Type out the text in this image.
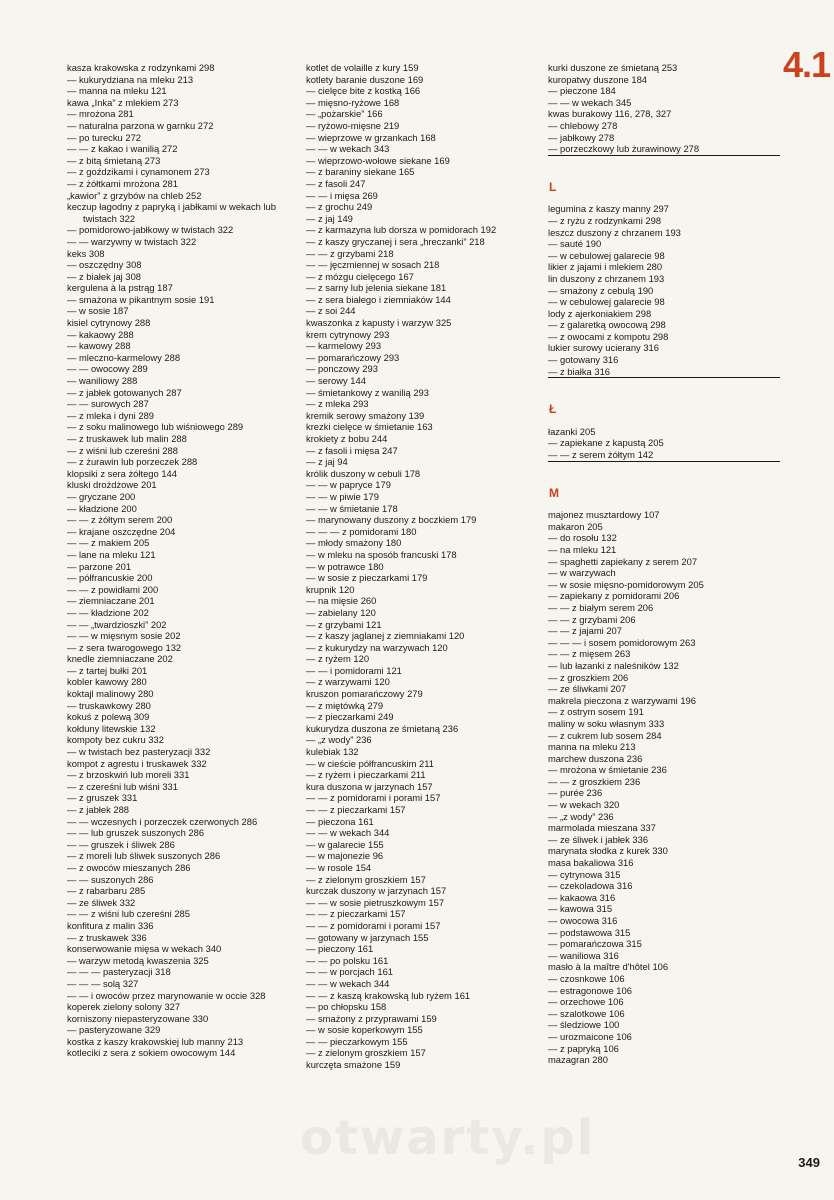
4.1
kasza krakowska z rodzynkami 298
— kukurydziana na mleku 213
— manna na mleku 121
kawa „Inka” z mlekiem 273
— mrożona 281
— naturalna parzona w garnku 272
— po turecku 272
— — z kakao i wanilią 272
— z bitą śmietaną 273
— z goździkami i cynamonem 273
— z żółtkami mrożona 281
„kawior” z grzybów na chleb 252
keczup łagodny z papryką i jabłkami w wekach lub twistach 322
— pomidorowo-jabłkowy w twistach 322
— — warzywny w twistach 322
keks 308
— oszczędny 308
— z białek jaj 308
kergulena à la pstrąg 187
— smażona w pikantnym sosie 191
— w sosie 187
kisiel cytrynowy 288
— kakaowy 288
— kawowy 288
— mleczno-karmelowy 288
— — owocowy 289
— waniliowy 288
— z jabłek gotowanych 287
— — surowych 287
— z mleka i dyni 289
— z soku malinowego lub wiśniowego 289
— z truskawek lub malin 288
— z wiśni lub czereśni 288
— z żurawin lub porzeczek 288
klopsiki z sera żółtego 144
kluski drożdżowe 201
— gryczane 200
— kładzione 200
— — z żółtym serem 200
— krajane oszczędne 204
— — z makiem 205
— lane na mleku 121
— parzone 201
— półfrancuskie 200
— — z powidłami 200
— ziemniaczane 201
— — kładzione 202
— — „twardzioszki” 202
— — w mięsnym sosie 202
— z sera twarogowego 132
knedle ziemniaczane 202
— z tartej bułki 201
kobler kawowy 280
koktajl malinowy 280
— truskawkowy 280
kokuś z polewą 309
kołduny litewskie 132
kompoty bez cukru 332
— w twistach bez pasteryzacji 332
kompot z agrestu i truskawek 332
— z brzoskwiń lub moreli 331
— z czereśni lub wiśni 331
— z gruszek 331
— z jabłek 288
— — wczesnych i porzeczek czerwonych 286
— — lub gruszek suszonych 286
— — gruszek i śliwek 286
— z moreli lub śliwek suszonych 286
— z owoców mieszanych 286
— — suszonych 286
— z rabarbaru 285
— ze śliwek 332
— — z wiśni lub czereśni 285
konfitura z malin 336
— z truskawek 336
konserwowanie mięsa w wekach 340
— warzyw metodą kwaszenia 325
— — — pasteryzacji 318
— — — solą 327
— — i owoców przez marynowanie w occie 328
koperek zielony solony 327
korniszony niepasteryzowane 330
— pasteryzowane 329
kostka z kaszy krakowskiej lub manny 213
kotleciki z sera z sokiem owocowym 144
kotlet de volaille z kury 159
kotlety baranie duszone 169
— cielęce bite z kostką 166
— mięsno-ryżowe 168
— „pożarskie” 166
— ryżowo-mięsne 219
— wieprzowe w grzankach 168
— — w wekach 343
— wieprzowo-wołowe siekane 169
— z baraniny siekane 165
— z fasoli 247
— — i mięsa 269
— z grochu 249
— z jaj 149
— z karmazyna lub dorsza w pomidorach 192
— z kaszy gryczanej i sera „hreczanki” 218
— — z grzybami 218
— — jęczmiennej w sosach 218
— z mózgu cielęcego 167
— z sarny lub jelenia siekane 181
— z sera białego i ziemniaków 144
— z soi 244
kwaszonka z kapusty i warzyw 325
krem cytrynowy 293
— karmelowy 293
— pomarańczowy 293
— ponczowy 293
— serowy 144
— śmietankowy z wanilią 293
— z mleka 293
kremik serowy smażony 139
krezki cielęce w śmietanie 163
krokiety z bobu 244
— z fasoli i mięsa 247
— z jaj 94
królik duszony w cebuli 178
— — w papryce 179
— — w piwie 179
— — w śmietanie 178
— marynowany duszony z boczkiem 179
— — — z pomidorami 180
— młody smażony 180
— w mleku na sposób francuski 178
— w potrawce 180
— w sosie z pieczarkami 179
krupnik 120
— na mięsie 260
— zabielany 120
— z grzybami 121
— z kaszy jaglanej z ziemniakami 120
— z kukurydzy na warzywach 120
— z ryżem 120
— — i pomidorami 121
— z warzywami 120
kruszon pomarańczowy 279
— z miętówką 279
— z pieczarkami 249
kukurydza duszona ze śmietaną 236
— „z wody” 236
kulebiak 132
— w cieście półfrancuskim 211
— z ryżem i pieczarkami 211
kura duszona w jarzynach 157
— — z pomidorami i porami 157
— — z pieczarkami 157
— pieczona 161
— — w wekach 344
— w galarecie 155
— w majonezie 96
— w rosole 154
— z zielonym groszkiem 157
kurczak duszony w jarzynach 157
— — w sosie pietruszkowym 157
— — z pieczarkami 157
— — z pomidorami i porami 157
— gotowany w jarzynach 155
— pieczony 161
— — po polsku 161
— — w porcjach 161
— — w wekach 344
— — z kaszą krakowską lub ryżem 161
— po chłopsku 158
— smażony z przyprawami 159
— w sosie koperkowym 155
— — pieczarkowym 155
— z zielonym groszkiem 157
kurczęta smażone 159
kurki duszone ze śmietaną 253
kuropatwy duszone 184
— pieczone 184
— — w wekach 345
kwas burakowy 116, 278, 327
— chlebowy 278
— jabłkowy 278
— porzeczkowy lub żurawinowy 278
L
legumina z kaszy manny 297
— z ryżu z rodzynkami 298
leszcz duszony z chrzanem 193
— sauté 190
— w cebulowej galarecie 98
likier z jajami i mlekiem 280
lin duszony z chrzanem 193
— smażony z cebulą 190
— w cebulowej galarecie 98
lody z ajerkoniakiem 298
— z galaretką owocową 298
— z owocami z kompotu 298
lukier surowy ucierany 316
— gotowany 316
— z białka 316
Ł
łazanki 205
— zapiekane z kapustą 205
— — z serem żółtym 142
M
majonez musztardowy 107
makaron 205
— do rosołu 132
— na mleku 121
— spaghetti zapiekany z serem 207
— w warzywach
— w sosie mięsno-pomidorowym 205
— zapiekany z pomidorami 206
— — z białym serem 206
— — z grzybami 206
— — z jajami 207
— — — i sosem pomidorowym 263
— — z mięsem 263
— lub łazanki z naleśników 132
— z groszkiem 206
— ze śliwkami 207
makrela pieczona z warzywami 196
— z ostrym sosem 191
maliny w soku własnym 333
— z cukrem lub sosem 284
manna na mleku 213
marchew duszona 236
— mrożona w śmietanie 236
— — z groszkiem 236
— purée 236
— w wekach 320
— „z wody” 236
marmolada mieszana 337
— ze śliwek i jabłek 336
marynata słodka z kurek 330
masa bakaliowa 316
— cytrynowa 315
— czekoladowa 316
— kakaowa 316
— kawowa 315
— owocowa 316
— podstawowa 315
— pomarańczowa 315
— waniliowa 316
masło à la maître d'hôtel 106
— czosnkowe 106
— estragonowe 106
— orzechowe 106
— szalotkowe 106
— śledziowe 100
— urozmaicone 106
— z papryką 106
mazagran 280
otwarty.pl	349
